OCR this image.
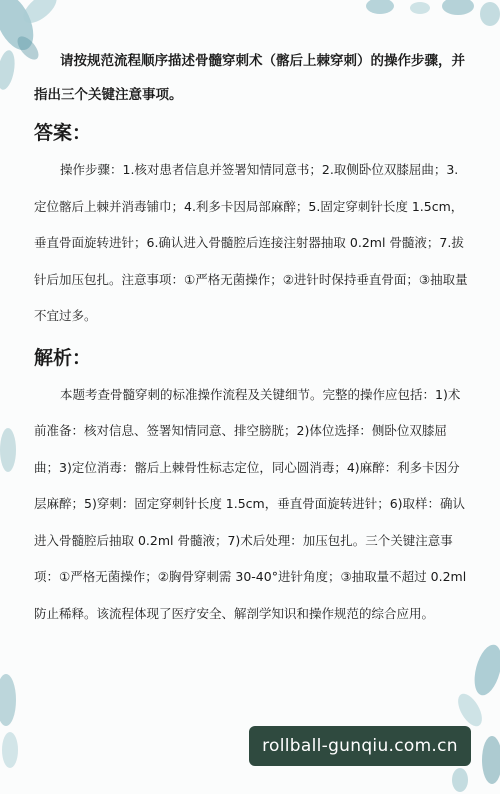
请按规范流程顺序描述骨髓穿刺术（髂后上棘穿刺）的操作步骤，并指出三个关键注意事项。

答案：

操作步骤：1.核对患者信息并签署知情同意书；2.取侧卧位双膝屈曲；3.定位髂后上棘并消毒铺巾；4.利多卡因局部麻醉；5.固定穿刺针长度 1.5cm，垂直骨面旋转进针；6.确认进入骨髓腔后连接注射器抽取 0.2ml 骨髓液；7.拔针后加压包扎。注意事项：①严格无菌操作；②进针时保持垂直骨面；③抽取量不宜过多。

解析：

本题考查骨髓穿刺的标准操作流程及关键细节。完整的操作应包括：1)术前准备：核对信息、签署知情同意、排空膀胱；2)体位选择：侧卧位双膝屈曲；3)定位消毒：髂后上棘骨性标志定位，同心圆消毒；4)麻醉：利多卡因分层麻醉；5)穿刺：固定穿刺针长度 1.5cm，垂直骨面旋转进针；6)取样：确认进入骨髓腔后抽取 0.2ml 骨髓液；7)术后处理：加压包扎。三个关键注意事项：①严格无菌操作；②胸骨穿刺需 30-40°进针角度；③抽取量不超过 0.2ml 防止稀释。该流程体现了医疗安全、解剖学知识和操作规范的综合应用。

rollball-gunqiu.com.cn
